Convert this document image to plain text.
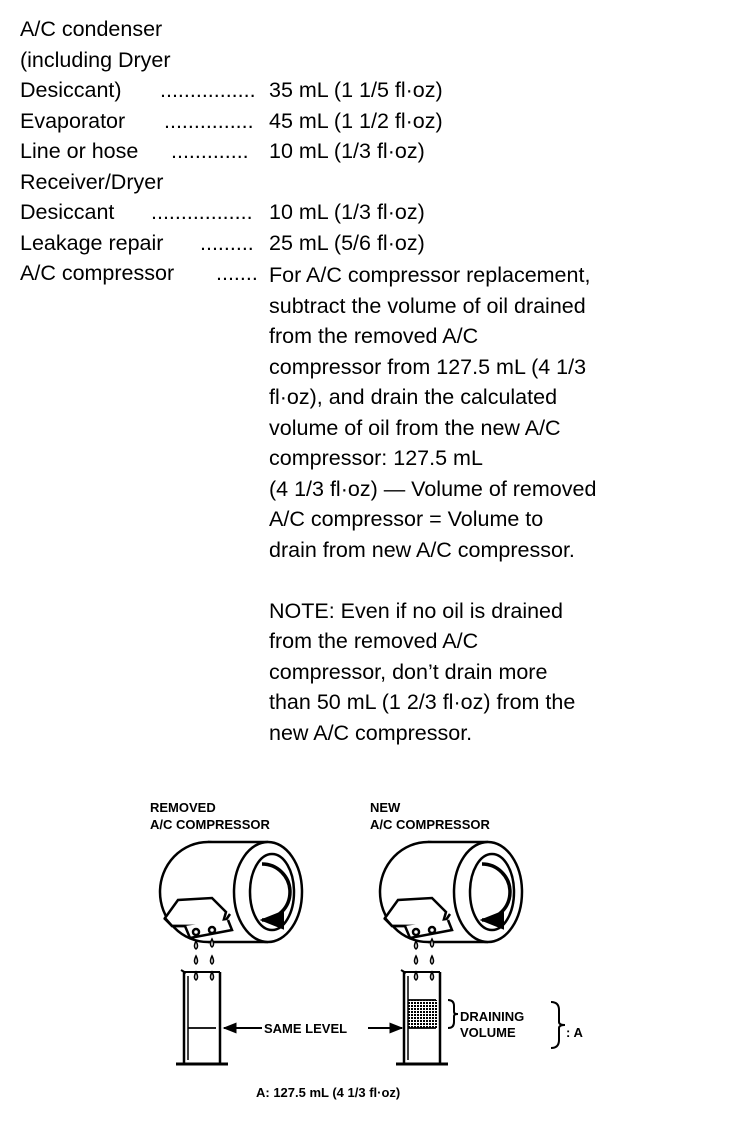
A/C condenser
(including Dryer
Desiccant) ................ 35 mL (1 1/5 fl·oz)
Evaporator ............... 45 mL (1 1/2 fl·oz)
Line or hose ............. 10 mL (1/3 fl·oz)
Receiver/Dryer
Desiccant ................. 10 mL (1/3 fl·oz)
Leakage repair ......... 25 mL (5/6 fl·oz)
A/C compressor ....... For A/C compressor replacement,
subtract the volume of oil drained
from the removed A/C
compressor from 127.5 mL (4 1/3
fl·oz), and drain the calculated
volume of oil from the new A/C
compressor: 127.5 mL
(4 1/3 fl·oz) — Volume of removed
A/C compressor = Volume to
drain from new A/C compressor.
NOTE: Even if no oil is drained
from the removed A/C
compressor, don’t drain more
than 50 mL (1 2/3 fl·oz) from the
new A/C compressor.
REMOVED
A/C COMPRESSOR
NEW
A/C COMPRESSOR
SAME LEVEL
DRAINING
VOLUME	: A
A: 127.5 mL (4 1/3 fl·oz)
